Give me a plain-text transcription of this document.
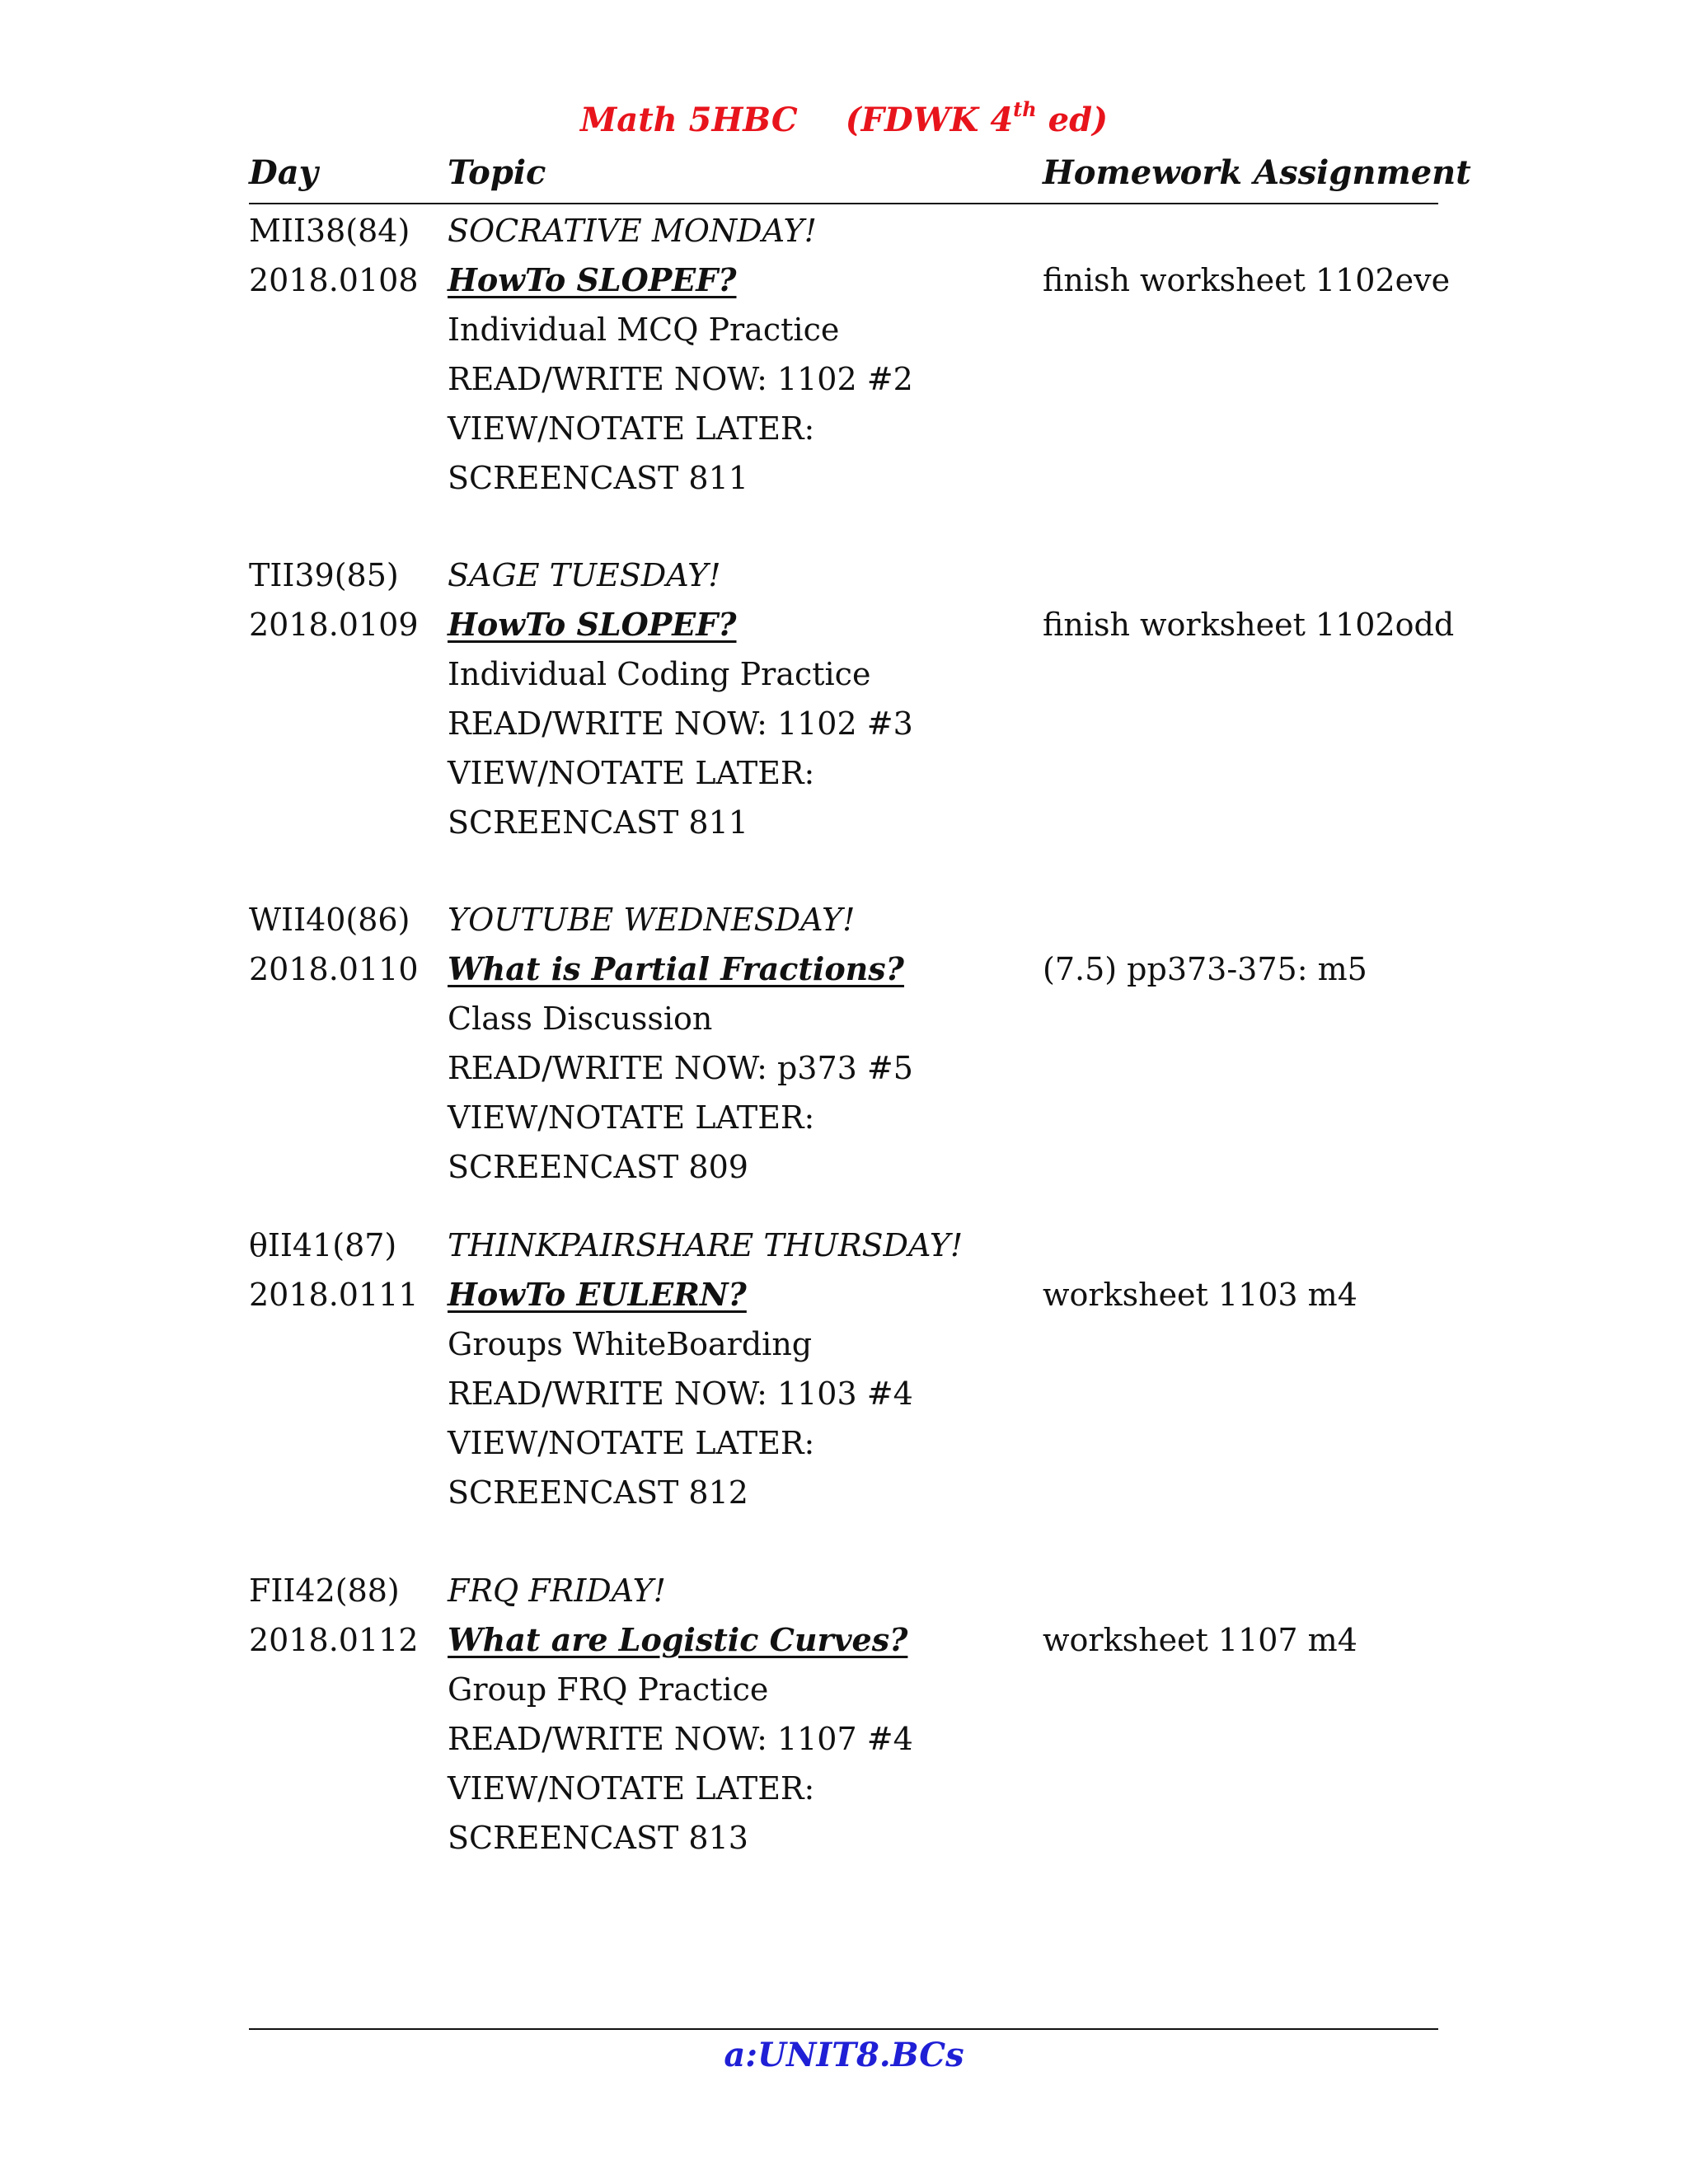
Math 5HBC (FDWK 4th ed)
Day	Topic	Homework Assignment
MII38(84) SOCRATIVE MONDAY!
2018.0108 HowTo SLOPEF?	finish worksheet 1102eve
Individual MCQ Practice
READ/WRITE NOW: 1102 #2
VIEW/NOTATE LATER:
SCREENCAST 811
TII39(85) SAGE TUESDAY!
2018.0109 HowTo SLOPEF?	finish worksheet 1102odd
Individual Coding Practice
READ/WRITE NOW: 1102 #3
VIEW/NOTATE LATER:
SCREENCAST 811
WII40(86) YOUTUBE WEDNESDAY!
2018.0110 What is Partial Fractions?	(7.5) pp373-375: m5
Class Discussion
READ/WRITE NOW: p373 #5
VIEW/NOTATE LATER:
SCREENCAST 809
θII41(87) THINKPAIRSHARE THURSDAY!
2018.0111 HowTo EULERN?	worksheet 1103 m4
Groups WhiteBoarding
READ/WRITE NOW: 1103 #4
VIEW/NOTATE LATER:
SCREENCAST 812
FII42(88) FRQ FRIDAY!
2018.0112 What are Logistic Curves?	worksheet 1107 m4
Group FRQ Practice
READ/WRITE NOW: 1107 #4
VIEW/NOTATE LATER:
SCREENCAST 813
a:UNIT8.BCs
